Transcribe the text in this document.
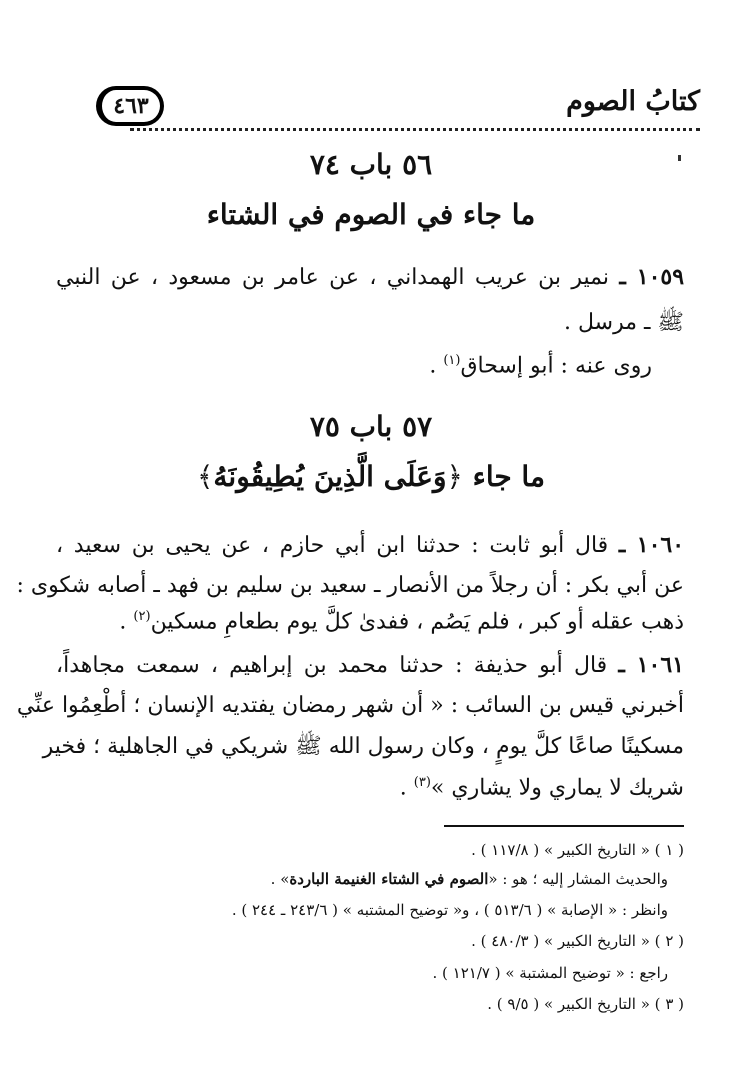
كتابُ الصوم
٤٦٣
٥٦ باب ٧٤
ما جاء في الصوم في الشتاء
١٠٥٩ ـ نمير بن عريب الهمداني ، عن عامر بن مسعود ، عن النبي
ﷺ ـ مرسل .
روى عنه : أبو إسحاق$^{(١)}$ .
٥٧ باب ٧٥
ما جاء ﴿وَعَلَى الَّذِينَ يُطِيقُونَهُ﴾
١٠٦٠ ـ قال أبو ثابت : حدثنا ابن أبي حازم ، عن يحيى بن سعيد ،
عن أبي بكر : أن رجلاً من الأنصار ـ سعيد بن سليم بن فهد ـ أصابه شكوى :
ذهب عقله أو كبر ، فلم يَصُم ، ففدىٰ كلَّ يوم بطعامِ مسكين$^{(٢)}$ .
١٠٦١ ـ قال أبو حذيفة : حدثنا محمد بن إبراهيم ، سمعت مجاهداً،
أخبرني قيس بن السائب : « أن شهر رمضان يفتديه الإنسان ؛ أطْعِمُوا عنِّي
مسكينًا صاعًا كلَّ يومٍ ، وكان رسول الله ﷺ شريكي في الجاهلية ؛ فخير
شريك لا يماري ولا يشاري »$^{(٣)}$ .
( ١ ) « التاريخ الكبير » ( ١١٧/٨ ) .
والحديث المشار إليه ؛ هو : «الصوم في الشتاء الغنيمة الباردة» .
وانظر : « الإصابة » ( ٥١٣/٦ ) ، و« توضيح المشتبه » ( ٢٤٣/٦ ـ ٢٤٤ ) .
( ٢ ) « التاريخ الكبير » ( ٤٨٠/٣ ) .
راجع : « توضيح المشتبة » ( ١٢١/٧ ) .
( ٣ ) « التاريخ الكبير » ( ٩/٥ ) .
